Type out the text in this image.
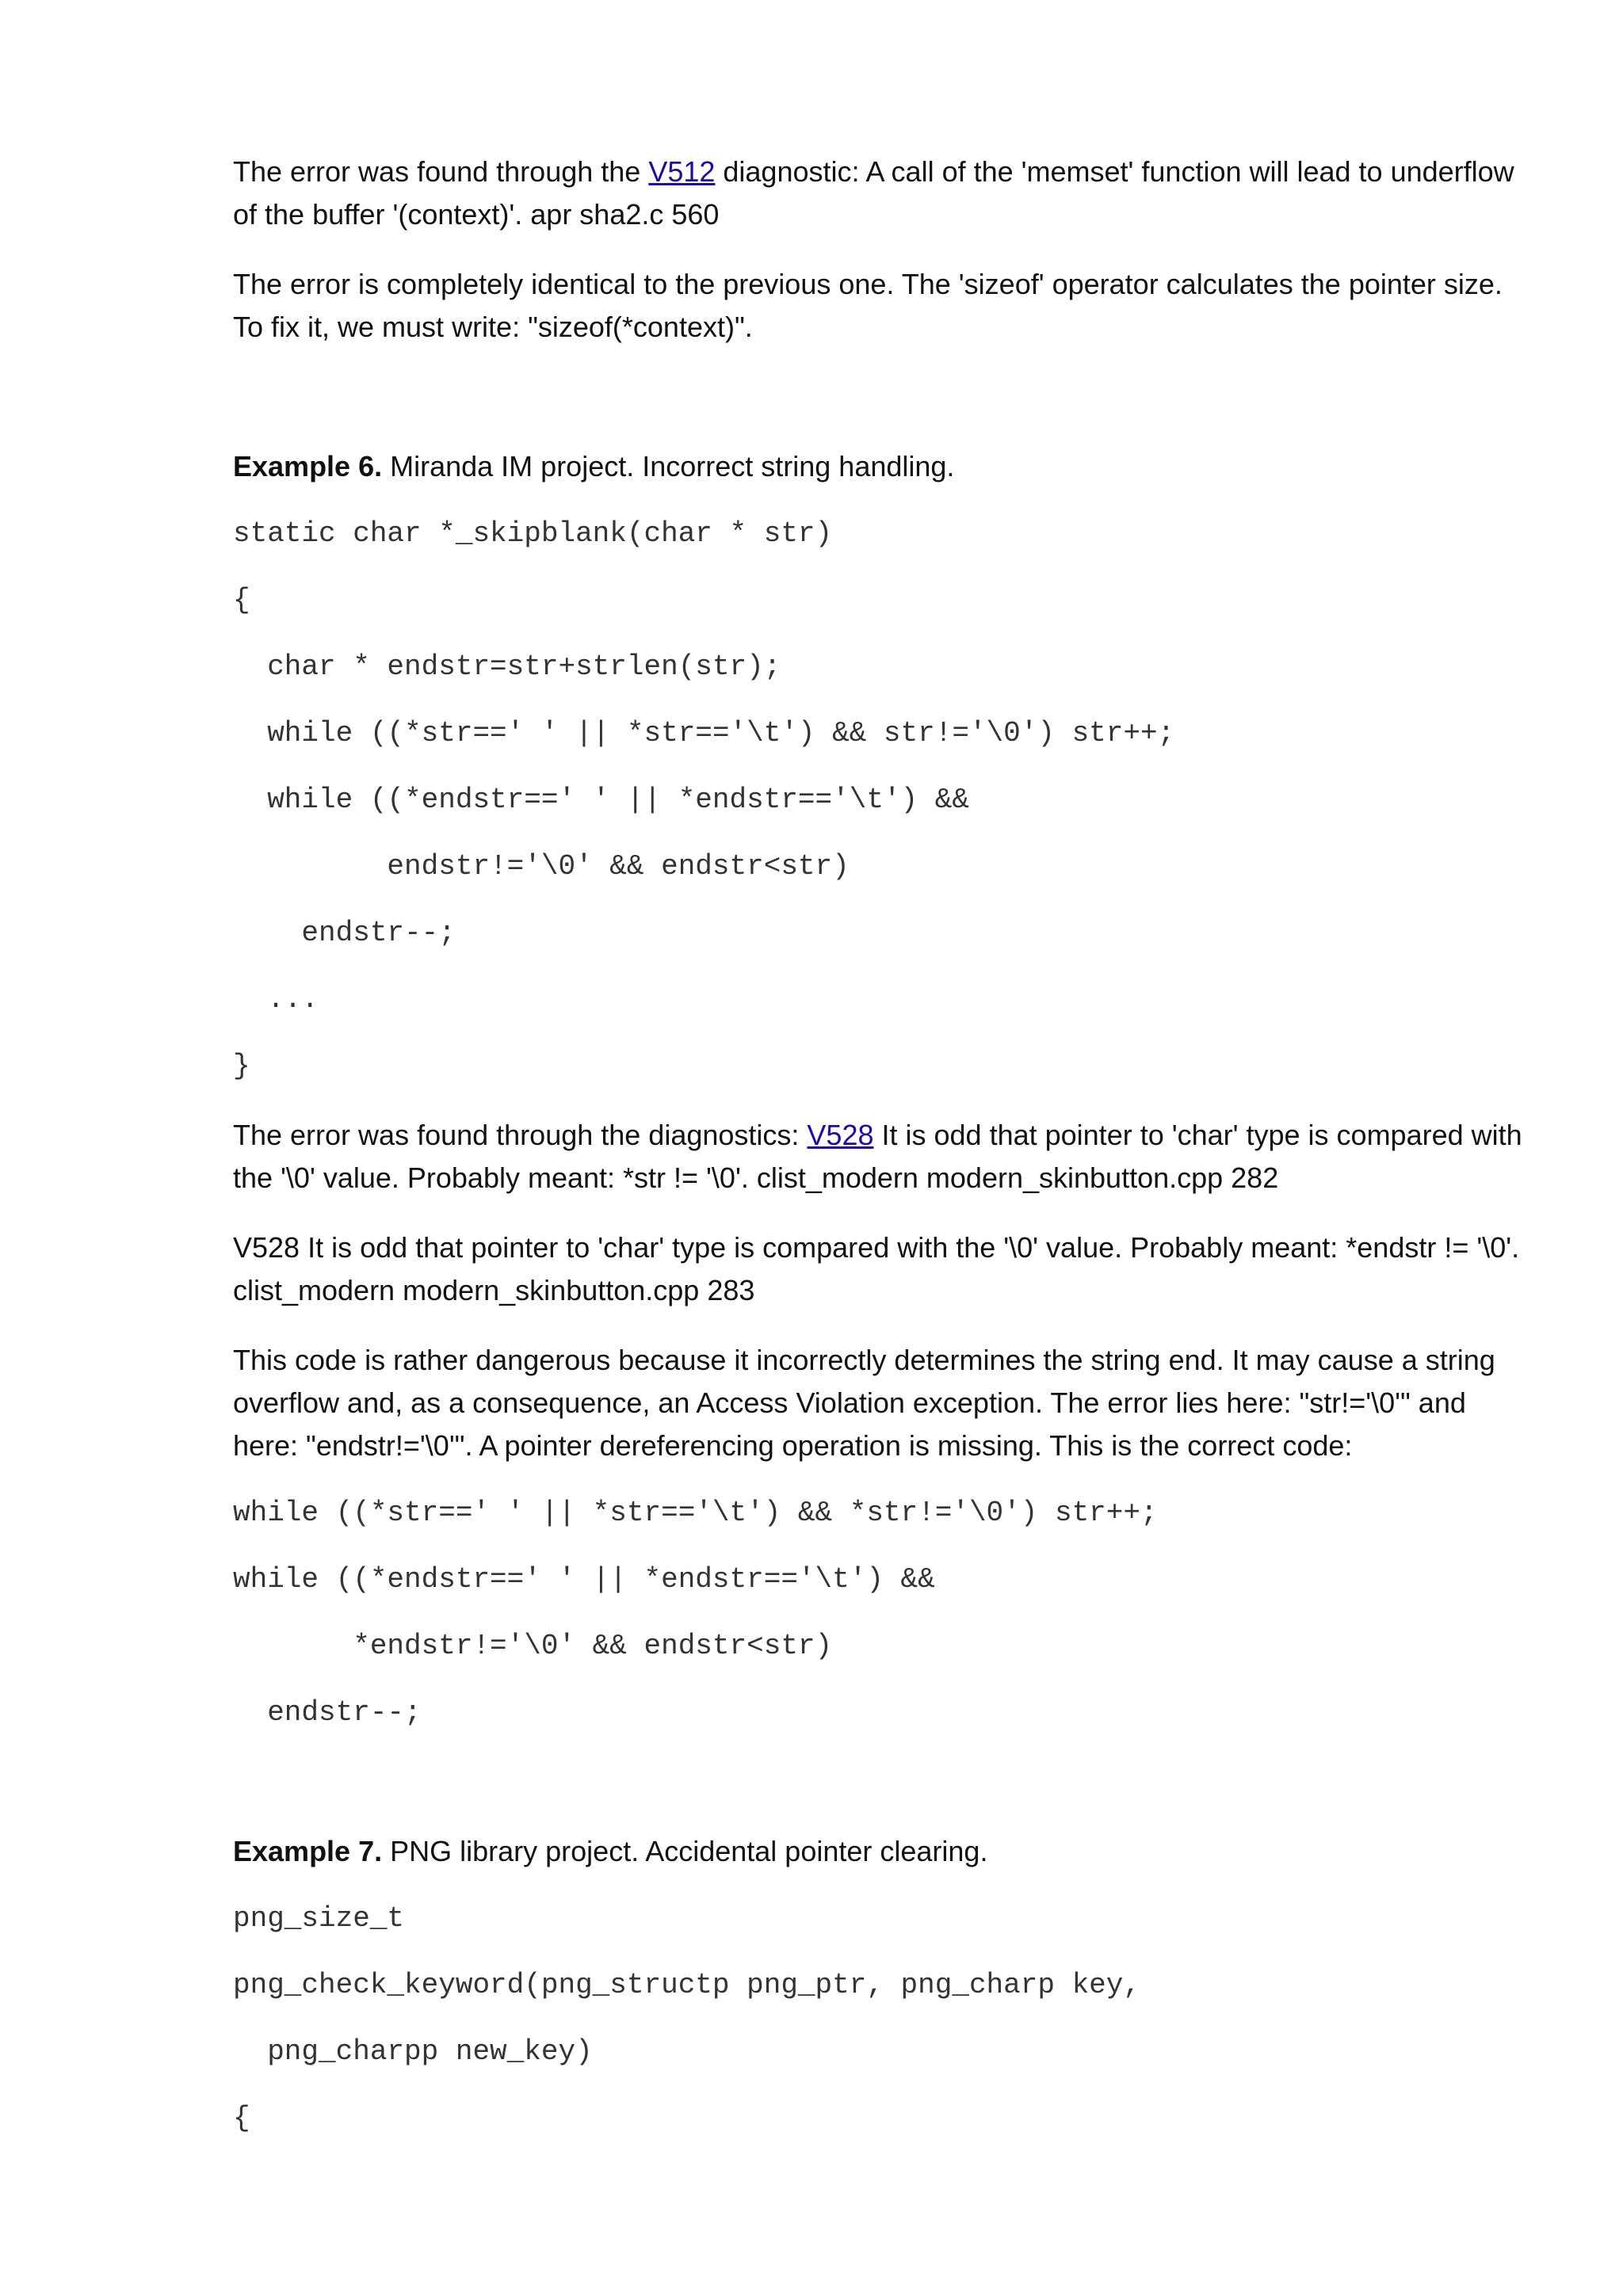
The error was found through the V512 diagnostic: A call of the 'memset' function will lead to underflow of the buffer '(context)'. apr sha2.c 560

The error is completely identical to the previous one. The 'sizeof' operator calculates the pointer size. To fix it, we must write: "sizeof(*context)".

Example 6. Miranda IM project. Incorrect string handling.

static char *_skipblank(char * str)
{
char * endstr=str+strlen(str);
while ((*str==' ' || *str=='\t') && str!='\0') str++;
while ((*endstr==' ' || *endstr=='\t') &&
endstr!='\0' && endstr<str)
endstr--;
...
}

The error was found through the diagnostics: V528 It is odd that pointer to 'char' type is compared with the '\0' value. Probably meant: *str != '\0'. clist_modern modern_skinbutton.cpp 282

V528 It is odd that pointer to 'char' type is compared with the '\0' value. Probably meant: *endstr != '\0'. clist_modern modern_skinbutton.cpp 283

This code is rather dangerous because it incorrectly determines the string end. It may cause a string overflow and, as a consequence, an Access Violation exception. The error lies here: "str!='\0'" and here: "endstr!='\0'". A pointer dereferencing operation is missing. This is the correct code:

while ((*str==' ' || *str=='\t') && *str!='\0') str++;
while ((*endstr==' ' || *endstr=='\t') &&
*endstr!='\0' && endstr<str)
endstr--;

Example 7. PNG library project. Accidental pointer clearing.

png_size_t
png_check_keyword(png_structp png_ptr, png_charp key,
png_charpp new_key)
{
